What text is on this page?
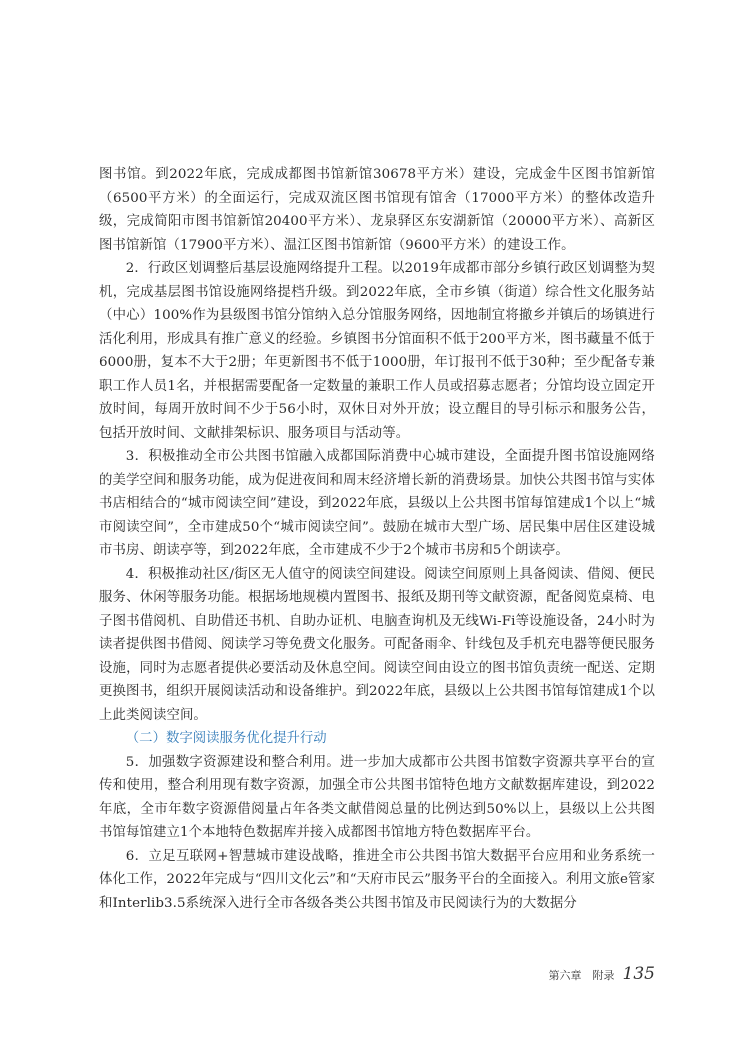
图书馆。到2022年底，完成成都图书馆新馆30678平方米）建设，完成金牛区图书馆新馆（6500平方米）的全面运行，完成双流区图书馆现有馆舍（17000平方米）的整体改造升级，完成简阳市图书馆新馆20400平方米）、龙泉驿区东安湖新馆（20000平方米）、高新区图书馆新馆（17900平方米）、温江区图书馆新馆（9600平方米）的建设工作。

2．行政区划调整后基层设施网络提升工程。以2019年成都市部分乡镇行政区划调整为契机，完成基层图书馆设施网络提档升级。到2022年底，全市乡镇（街道）综合性文化服务站（中心）100%作为县级图书馆分馆纳入总分馆服务网络，因地制宜将撤乡并镇后的场镇进行活化利用，形成具有推广意义的经验。乡镇图书分馆面积不低于200平方米，图书藏量不低于6000册，复本不大于2册；年更新图书不低于1000册，年订报刊不低于30种；至少配备专兼职工作人员1名，并根据需要配备一定数量的兼职工作人员或招募志愿者；分馆均设立固定开放时间，每周开放时间不少于56小时，双休日对外开放；设立醒目的导引标示和服务公告，包括开放时间、文献排架标识、服务项目与活动等。

3．积极推动全市公共图书馆融入成都国际消费中心城市建设，全面提升图书馆设施网络的美学空间和服务功能，成为促进夜间和周末经济增长新的消费场景。加快公共图书馆与实体书店相结合的“城市阅读空间”建设，到2022年底，县级以上公共图书馆每馆建成1个以上“城市阅读空间”，全市建成50个“城市阅读空间”。鼓励在城市大型广场、居民集中居住区建设城市书房、朗读亭等，到2022年底，全市建成不少于2个城市书房和5个朗读亭。

4．积极推动社区/街区无人值守的阅读空间建设。阅读空间原则上具备阅读、借阅、便民服务、休闲等服务功能。根据场地规模内置图书、报纸及期刊等文献资源，配备阅览桌椅、电子图书借阅机、自助借还书机、自助办证机、电脑查询机及无线Wi-Fi等设施设备，24小时为读者提供图书借阅、阅读学习等免费文化服务。可配备雨伞、针线包及手机充电器等便民服务设施，同时为志愿者提供必要活动及休息空间。阅读空间由设立的图书馆负责统一配送、定期更换图书，组织开展阅读活动和设备维护。到2022年底，县级以上公共图书馆每馆建成1个以上此类阅读空间。

（二）数字阅读服务优化提升行动

5．加强数字资源建设和整合利用。进一步加大成都市公共图书馆数字资源共享平台的宣传和使用，整合利用现有数字资源，加强全市公共图书馆特色地方文献数据库建设，到2022年底，全市年数字资源借阅量占年各类文献借阅总量的比例达到50%以上，县级以上公共图书馆每馆建立1个本地特色数据库并接入成都图书馆地方特色数据库平台。

6．立足互联网+智慧城市建设战略，推进全市公共图书馆大数据平台应用和业务系统一体化工作，2022年完成与“四川文化云”和“天府市民云”服务平台的全面接入。利用文旅e管家和Interlib3.5系统深入进行全市各级各类公共图书馆及市民阅读行为的大数据分

第六章　附录 135
